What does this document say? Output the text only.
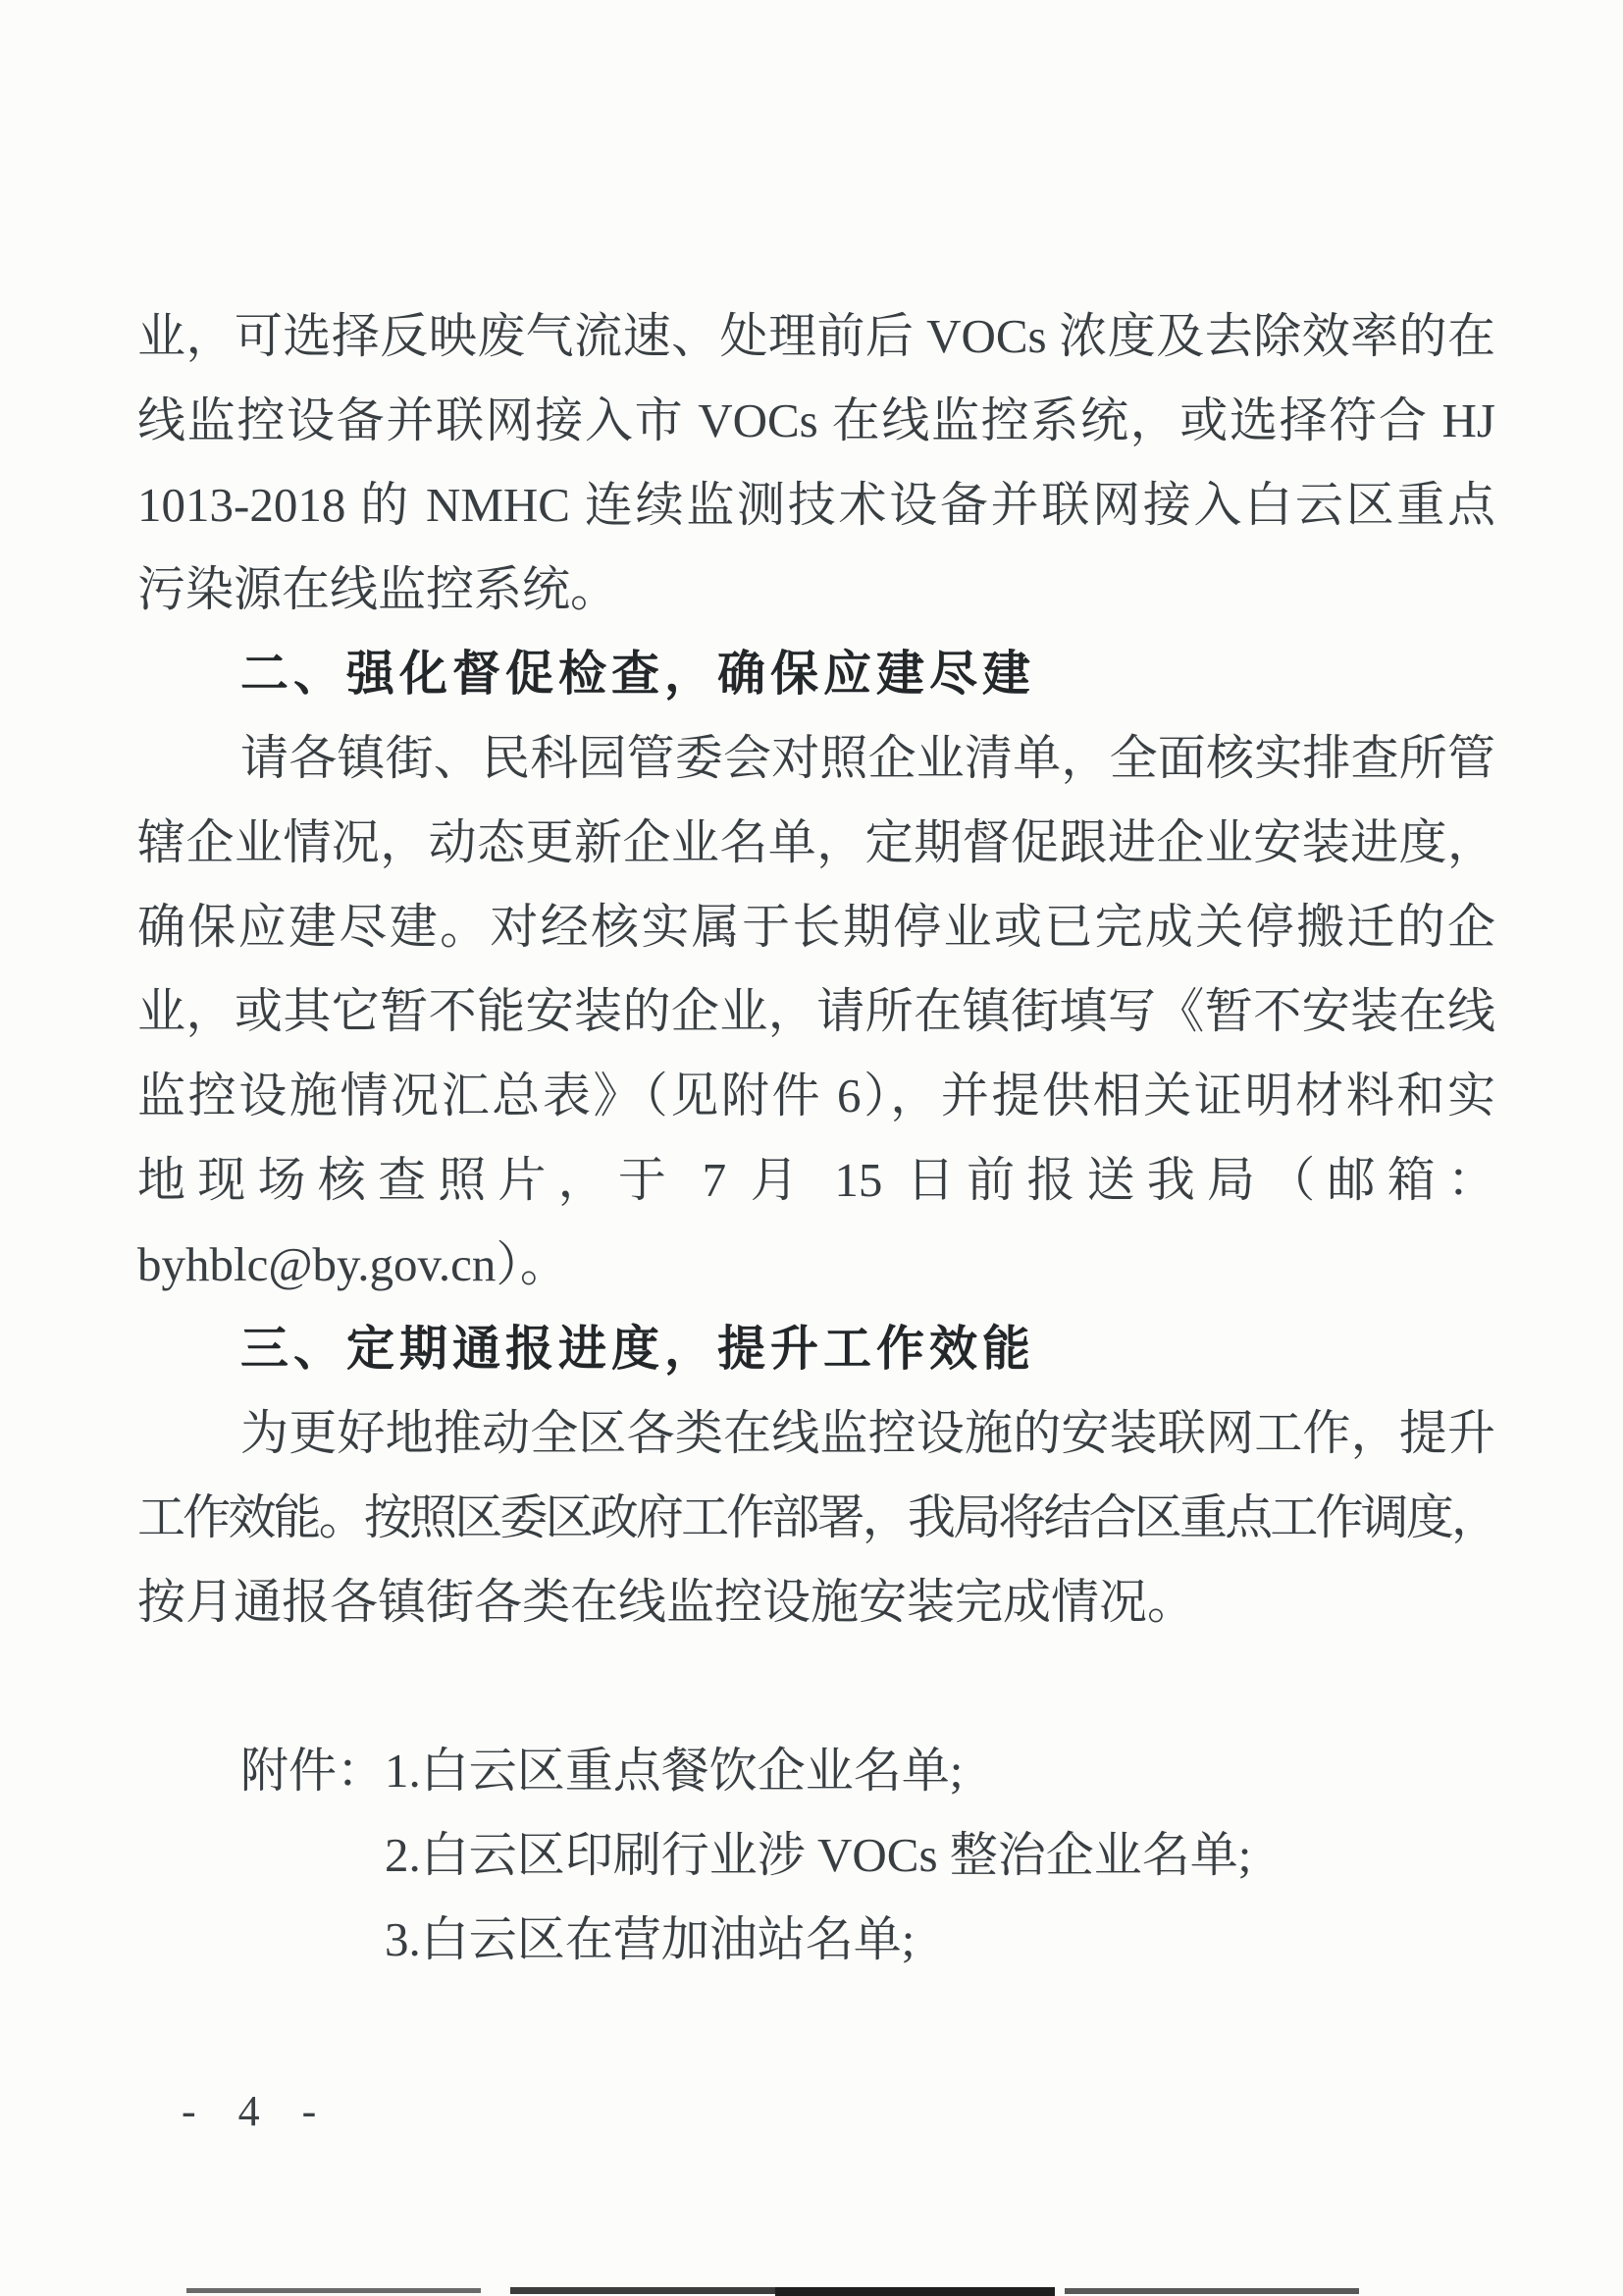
业，可选择反映废气流速、处理前后 VOCs 浓度及去除效率的在
线监控设备并联网接入市 VOCs 在线监控系统，或选择符合 HJ
1013-2018 的 NMHC 连续监测技术设备并联网接入白云区重点
污染源在线监控系统。
二、强化督促检查，确保应建尽建
请各镇街、民科园管委会对照企业清单，全面核实排查所管
辖企业情况，动态更新企业名单，定期督促跟进企业安装进度，
确保应建尽建。对经核实属于长期停业或已完成关停搬迁的企
业，或其它暂不能安装的企业，请所在镇街填写《暂不安装在线
监控设施情况汇总表》（见附件 6），并提供相关证明材料和实
地现场核查照片，于 7 月 15 日前报送我局（邮箱：
byhblc@by.gov.cn）。
三、定期通报进度，提升工作效能
为更好地推动全区各类在线监控设施的安装联网工作，提升
工作效能。按照区委区政府工作部署，我局将结合区重点工作调度，
按月通报各镇街各类在线监控设施安装完成情况。
附件： 1.白云区重点餐饮企业名单;
2.白云区印刷行业涉 VOCs 整治企业名单;
3.白云区在营加油站名单;
- 4 -
